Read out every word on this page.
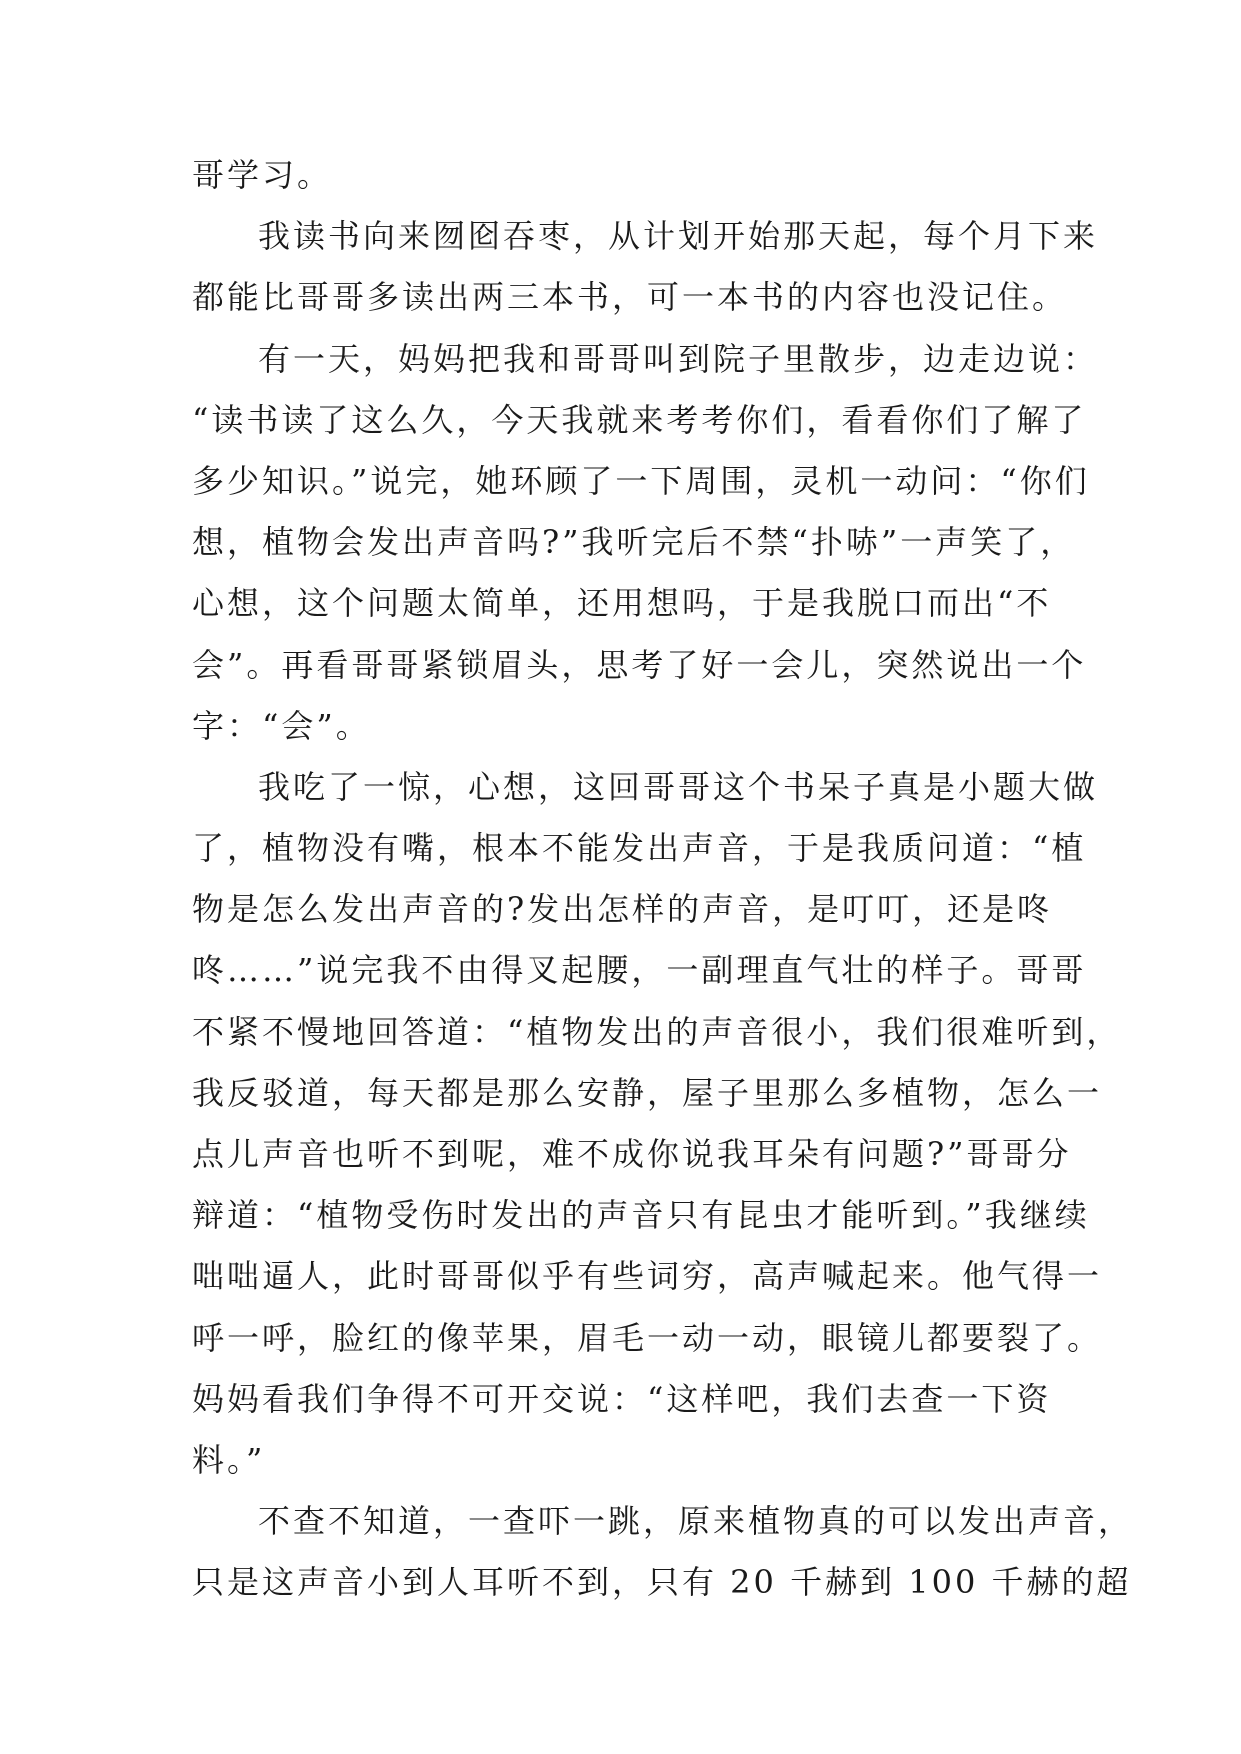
哥学习。
我读书向来囫囵吞枣，从计划开始那天起，每个月下来
都能比哥哥多读出两三本书，可一本书的内容也没记住。
有一天，妈妈把我和哥哥叫到院子里散步，边走边说：
“读书读了这么久，今天我就来考考你们，看看你们了解了
多少知识。”说完，她环顾了一下周围，灵机一动问：“你们
想，植物会发出声音吗?”我听完后不禁“扑哧”一声笑了，
心想，这个问题太简单，还用想吗，于是我脱口而出“不
会”。再看哥哥紧锁眉头，思考了好一会儿，突然说出一个
字：“会”。
我吃了一惊，心想，这回哥哥这个书呆子真是小题大做
了，植物没有嘴，根本不能发出声音，于是我质问道：“植
物是怎么发出声音的?发出怎样的声音，是叮叮，还是咚
咚……”说完我不由得叉起腰，一副理直气壮的样子。哥哥
不紧不慢地回答道：“植物发出的声音很小，我们很难听到，
我反驳道，每天都是那么安静，屋子里那么多植物，怎么一
点儿声音也听不到呢，难不成你说我耳朵有问题?”哥哥分
辩道：“植物受伤时发出的声音只有昆虫才能听到。”我继续
咄咄逼人，此时哥哥似乎有些词穷，高声喊起来。他气得一
呼一呼，脸红的像苹果，眉毛一动一动，眼镜儿都要裂了。
妈妈看我们争得不可开交说：“这样吧，我们去查一下资
料。”
不查不知道，一查吓一跳，原来植物真的可以发出声音，
只是这声音小到人耳听不到，只有 20 千赫到 100 千赫的超
